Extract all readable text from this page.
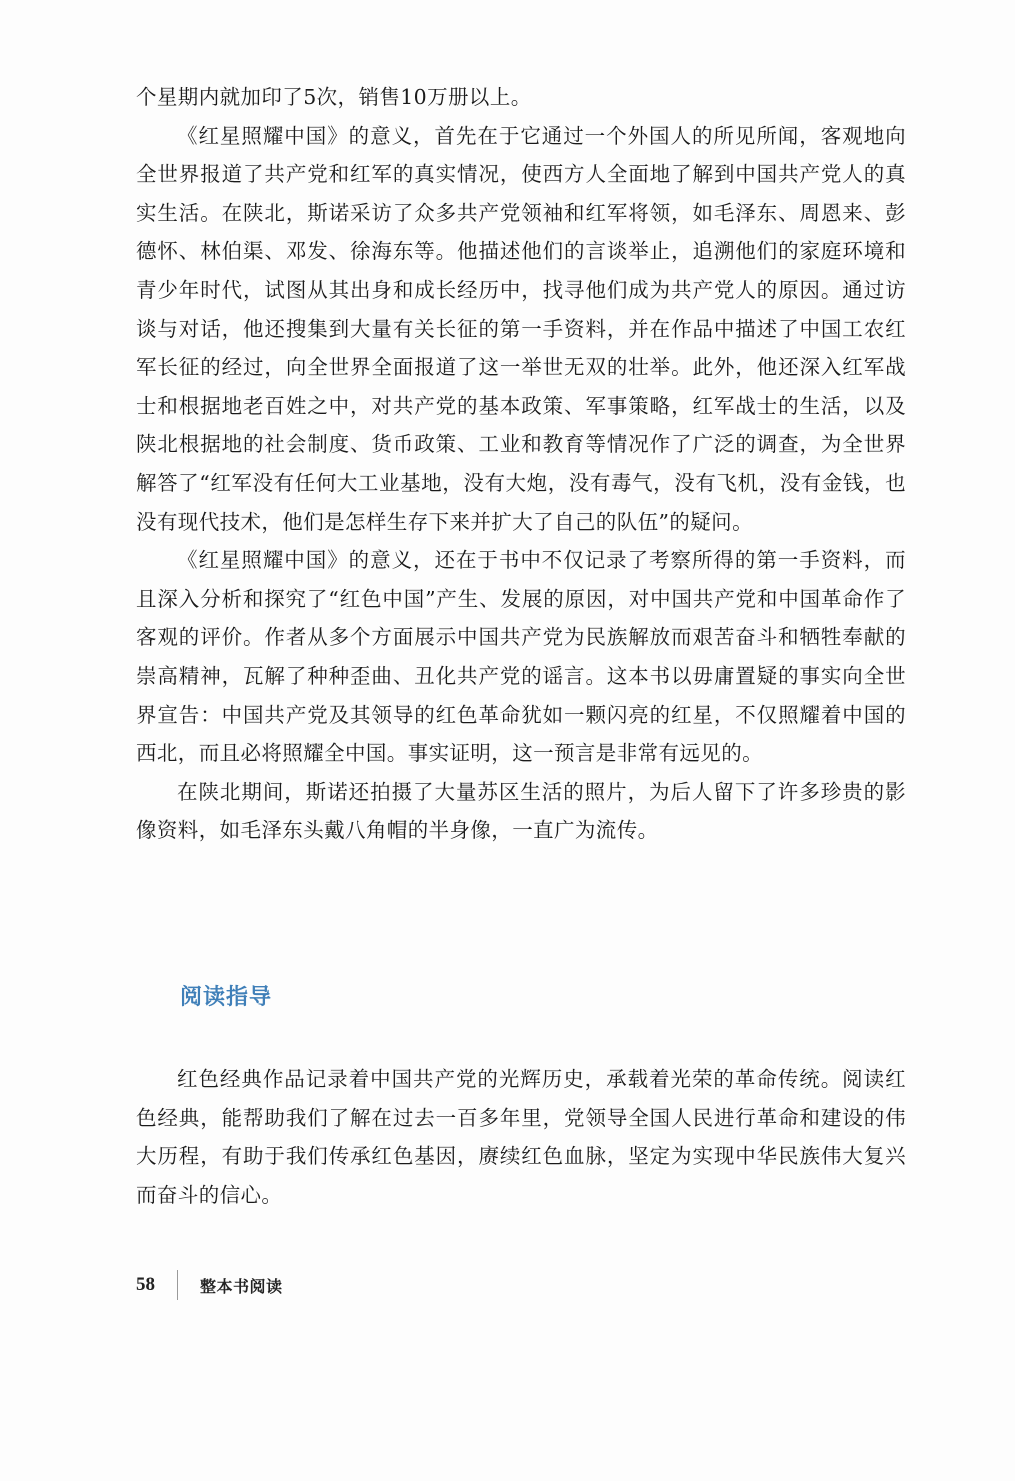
个星期内就加印了5次，销售10万册以上。

《红星照耀中国》的意义，首先在于它通过一个外国人的所见所闻，客观地向全世界报道了共产党和红军的真实情况，使西方人全面地了解到中国共产党人的真实生活。在陕北，斯诺采访了众多共产党领袖和红军将领，如毛泽东、周恩来、彭德怀、林伯渠、邓发、徐海东等。他描述他们的言谈举止，追溯他们的家庭环境和青少年时代，试图从其出身和成长经历中，找寻他们成为共产党人的原因。通过访谈与对话，他还搜集到大量有关长征的第一手资料，并在作品中描述了中国工农红军长征的经过，向全世界全面报道了这一举世无双的壮举。此外，他还深入红军战士和根据地老百姓之中，对共产党的基本政策、军事策略，红军战士的生活，以及陕北根据地的社会制度、货币政策、工业和教育等情况作了广泛的调查，为全世界解答了“红军没有任何大工业基地，没有大炮，没有毒气，没有飞机，没有金钱，也没有现代技术，他们是怎样生存下来并扩大了自己的队伍”的疑问。

《红星照耀中国》的意义，还在于书中不仅记录了考察所得的第一手资料，而且深入分析和探究了“红色中国”产生、发展的原因，对中国共产党和中国革命作了客观的评价。作者从多个方面展示中国共产党为民族解放而艰苦奋斗和牺牲奉献的崇高精神，瓦解了种种歪曲、丑化共产党的谣言。这本书以毋庸置疑的事实向全世界宣告：中国共产党及其领导的红色革命犹如一颗闪亮的红星，不仅照耀着中国的西北，而且必将照耀全中国。事实证明，这一预言是非常有远见的。

在陕北期间，斯诺还拍摄了大量苏区生活的照片，为后人留下了许多珍贵的影像资料，如毛泽东头戴八角帽的半身像，一直广为流传。

阅读指导

红色经典作品记录着中国共产党的光辉历史，承载着光荣的革命传统。阅读红色经典，能帮助我们了解在过去一百多年里，党领导全国人民进行革命和建设的伟大历程，有助于我们传承红色基因，赓续红色血脉，坚定为实现中华民族伟大复兴而奋斗的信心。

58	整本书阅读
